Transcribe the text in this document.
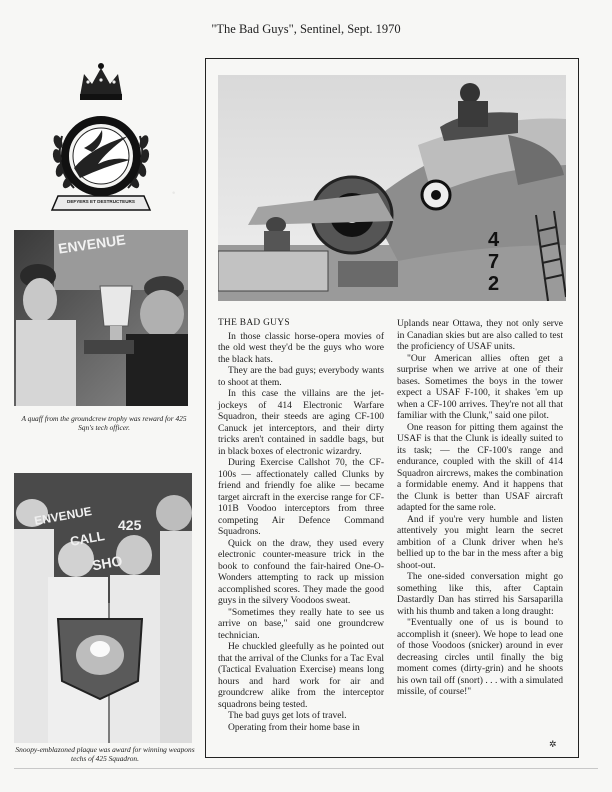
"The Bad Guys", Sentinel, Sept. 1970
·
DEFYERS ET DESTRUCTEURS
ENVENUE
A quaff from the groundcrew trophy was reward for 425 Sqn's tech officer.
ENVENUE
CALL
SHO
425
Snoopy-emblazoned plaque was award for winning weapons techs of 425 Squadron.
4
7
2

THE BAD GUYS

In those classic horse-opera movies of the old west they'd be the guys who wore the black hats.

They are the bad guys; everybody wants to shoot at them.

In this case the villains are the jet-jockeys of 414 Electronic Warfare Squadron, their steeds are aging CF-100 Canuck jet interceptors, and their dirty tricks aren't contained in saddle bags, but in black boxes of electronic wizardry.

During Exercise Callshot 70, the CF-100s — affectionately called Clunks by friend and friendly foe alike — became target aircraft in the exercise range for CF-101B Voodoo interceptors from three competing Air Defence Command Squadrons.

Quick on the draw, they used every electronic counter-measure trick in the book to confound the fair-haired One-O-Wonders attempting to rack up mission accomplished scores. They made the good guys in the silvery Voodoos sweat.

"Sometimes they really hate to see us arrive on base," said one groundcrew technician.

He chuckled gleefully as he pointed out that the arrival of the Clunks for a Tac Eval (Tactical Evaluation Exercise) means long hours and hard work for air and groundcrew alike from the interceptor squadrons being tested.

The bad guys get lots of travel.

Operating from their home base in

Uplands near Ottawa, they not only serve in Canadian skies but are also called to test the proficiency of USAF units.

"Our American allies often get a surprise when we arrive at one of their bases. Sometimes the boys in the tower expect a USAF F-100, it shakes 'em up when a CF-100 arrives. They're not all that familiar with the Clunk," said one pilot.

One reason for pitting them against the USAF is that the Clunk is ideally suited to its task; — the CF-100's range and endurance, coupled with the skill of 414 Squadron aircrews, makes the combination a formidable enemy. And it happens that the Clunk is better than USAF aircraft adapted for the same role.

And if you're very humble and listen attentively you might learn the secret ambition of a Clunk driver when he's bellied up to the bar in the mess after a big shoot-out.

The one-sided conversation might go something like this, after Captain Dastardly Dan has stirred his Sarsaparilla with his thumb and taken a long draught:

"Eventually one of us is bound to accomplish it (sneer). We hope to lead one of those Voodoos (snicker) around in ever decreasing circles until finally the big moment comes (dirty-grin) and he shoots his own tail off (snort) . . . with a simulated missile, of course!"

✲
